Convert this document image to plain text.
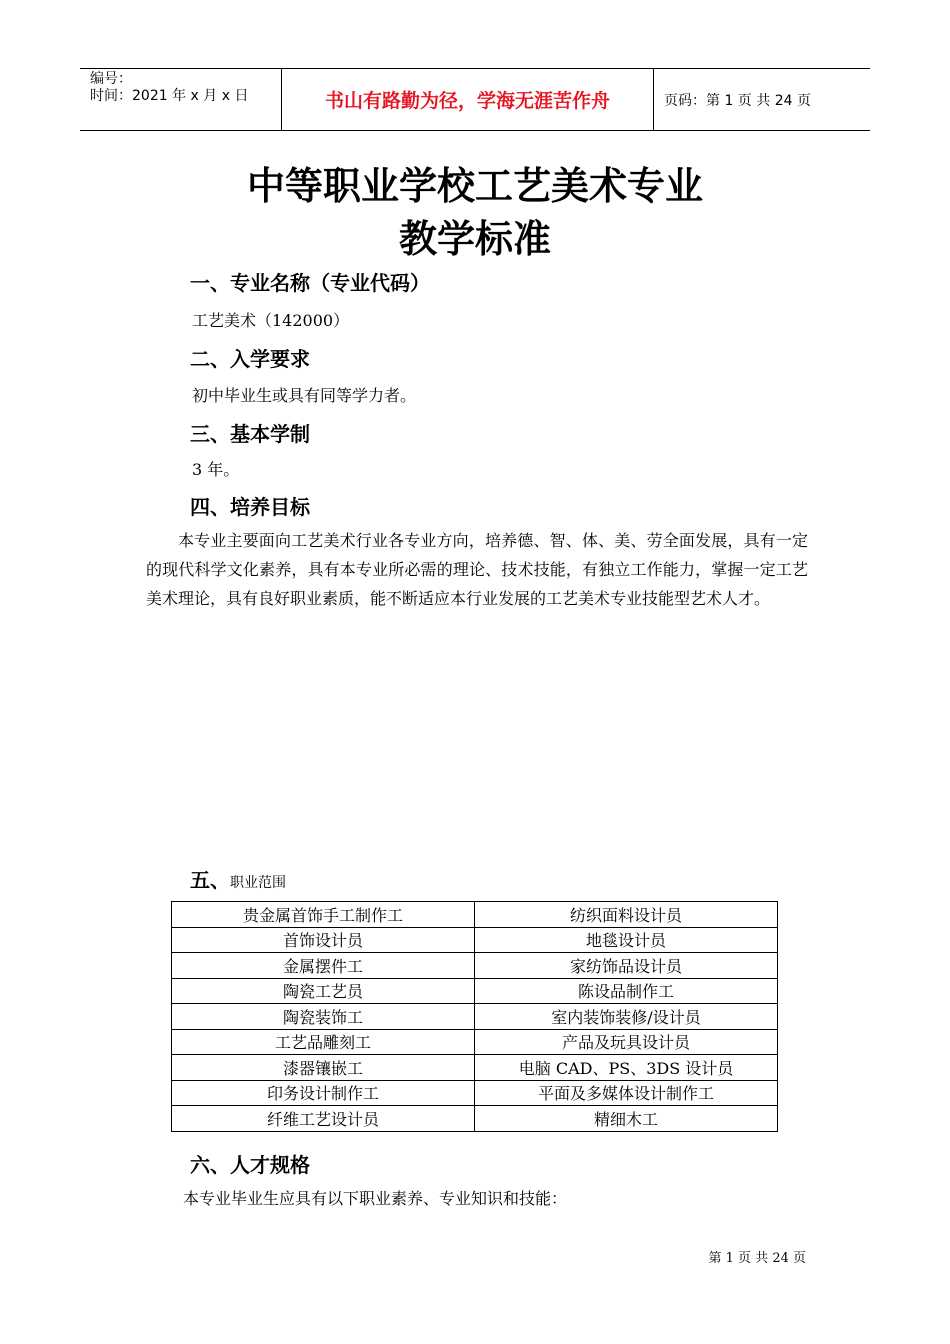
编号：
时间：2021 年 x 月 x 日	书山有路勤为径，学海无涯苦作舟	页码：第 1 页 共 24 页
中等职业学校工艺美术专业
教学标准
一、专业名称（专业代码）
工艺美术（142000）
二、入学要求
初中毕业生或具有同等学力者。
三、基本学制
3 年。
四、培养目标
本专业主要面向工艺美术行业各专业方向，培养德、智、体、美、劳全面发展，具有一定的现代科学文化素养，具有本专业所必需的理论、技术技能，有独立工作能力，掌握一定工艺美术理论，具有良好职业素质，能不断适应本行业发展的工艺美术专业技能型艺术人才。
五、职业范围
贵金属首饰手工制作工	纺织面料设计员
首饰设计员	地毯设计员
金属摆件工	家纺饰品设计员
陶瓷工艺员	陈设品制作工
陶瓷装饰工	室内装饰装修/设计员
工艺品雕刻工	产品及玩具设计员
漆器镶嵌工	电脑 CAD、PS、3DS 设计员
印务设计制作工	平面及多媒体设计制作工
纤维工艺设计员	精细木工
六、人才规格
本专业毕业生应具有以下职业素养、专业知识和技能：
第 1 页 共 24 页
